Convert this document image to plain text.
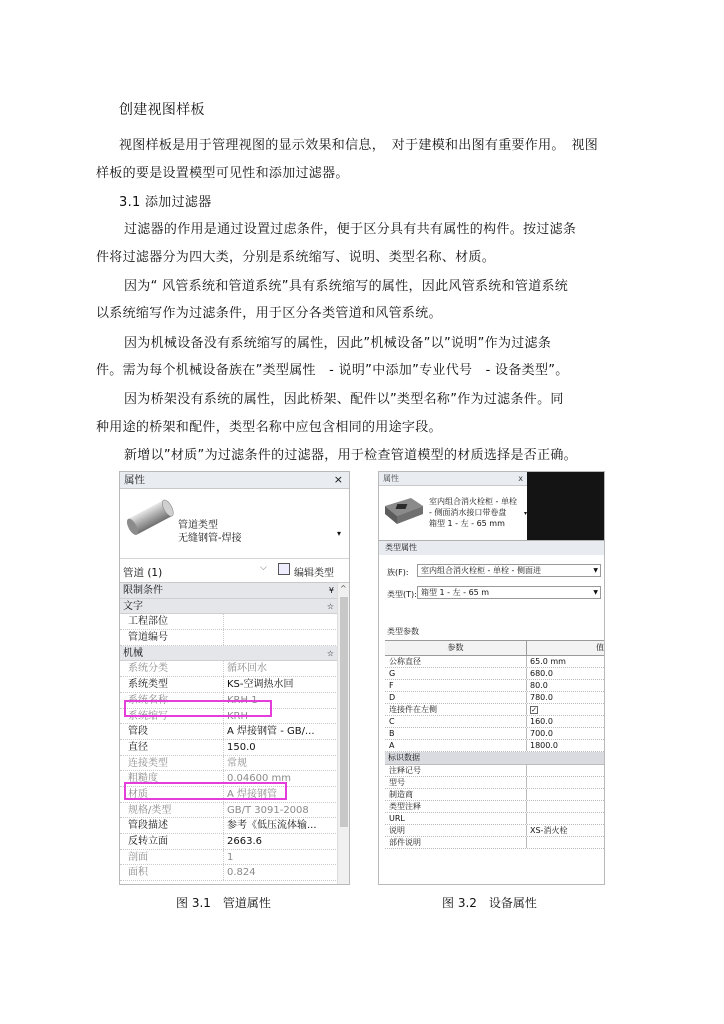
创建视图样板
视图样板是用于管理视图的显示效果和信息，　对于建模和出图有重要作用。　视图
样板的要是设置模型可见性和添加过滤器。
3.1 添加过滤器
过滤器的作用是通过设置过虑条件，便于区分具有共有属性的构件。按过滤条
件将过滤器分为四大类，分别是系统缩写、说明、类型名称、材质。
因为“ 风管系统和管道系统”具有系统缩写的属性，因此风管系统和管道系统
以系统缩写作为过滤条件，用于区分各类管道和风管系统。
因为机械设备没有系统缩写的属性，因此”机械设备”以”说明”作为过滤条
件。需为每个机械设备族在”类型属性　- 说明”中添加”专业代号　- 设备类型”。
因为桥架没有系统的属性，因此桥架、配件以”类型名称”作为过滤条件。同
种用途的桥架和配件，类型名称中应包含相同的用途字段。
新增以”材质”为过滤条件的过滤器，用于检查管道模型的材质选择是否正确。
属性	×
管道类型
无缝钢管-焊接	▾
管道 (1)	⌵	编辑类型
限制条件	¥
文字	☆
工程部位
管道编号
机械	☆
系统分类	循环回水
系统类型	KS-空调热水回
系统名称	KRH 1
系统缩写	KRH
管段	A 焊接钢管 - GB/...
直径	150.0
连接类型	常规
粗糙度	0.04600 mm
材质	A 焊接钢管
规格/类型	GB/T 3091-2008
管段描述	参考《低压流体输...
反转立面	2663.6
剖面	1
面积	0.824
^
图 3.1　管道属性
属性	x
室内组合消火栓柜 - 单栓
- 侧面消水接口带卷盘
箱型 1 - 左 - 65 mm
▾
类型属性
族(F):	室内组合消火栓柜 - 单栓 - 侧面进	▼
类型(T): 箱型 1 - 左 - 65 m	▼
类型参数
参数	值
公称直径	65.0 mm
G	680.0
F	80.0
D	780.0
连接件在左侧	✓
C	160.0
B	700.0
A	1800.0
标识数据
注释记号
型号
制造商
类型注释
URL
说明	XS-消火栓
部件说明
图 3.2　设备属性
